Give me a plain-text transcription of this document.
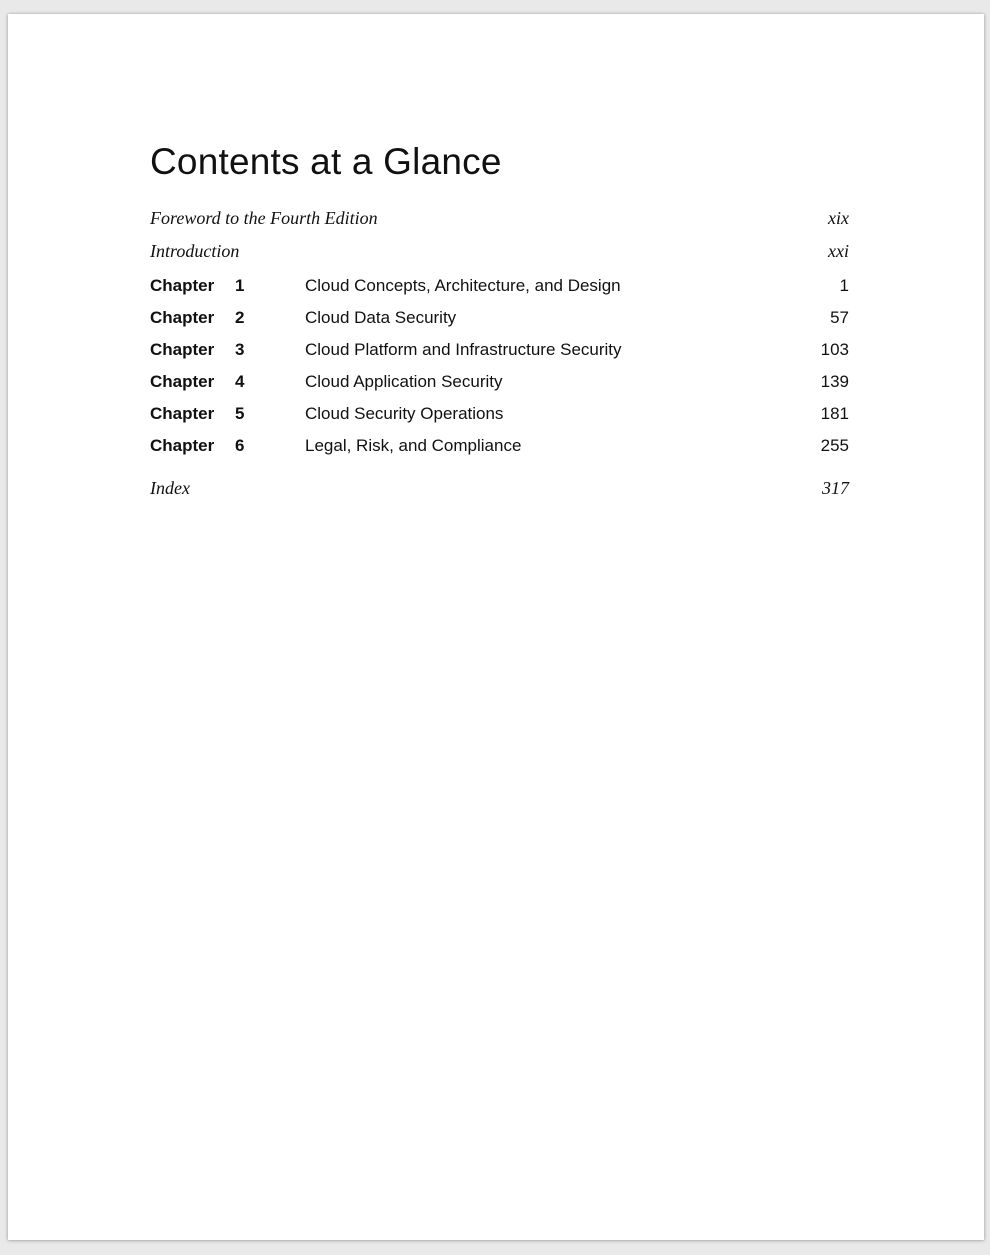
Contents at a Glance
Foreword to the Fourth Edition	xix
Introduction	xxi
Chapter 1	Cloud Concepts, Architecture, and Design	1
Chapter 2	Cloud Data Security	57
Chapter 3	Cloud Platform and Infrastructure Security	103
Chapter 4	Cloud Application Security	139
Chapter 5	Cloud Security Operations	181
Chapter 6	Legal, Risk, and Compliance	255
Index	317
